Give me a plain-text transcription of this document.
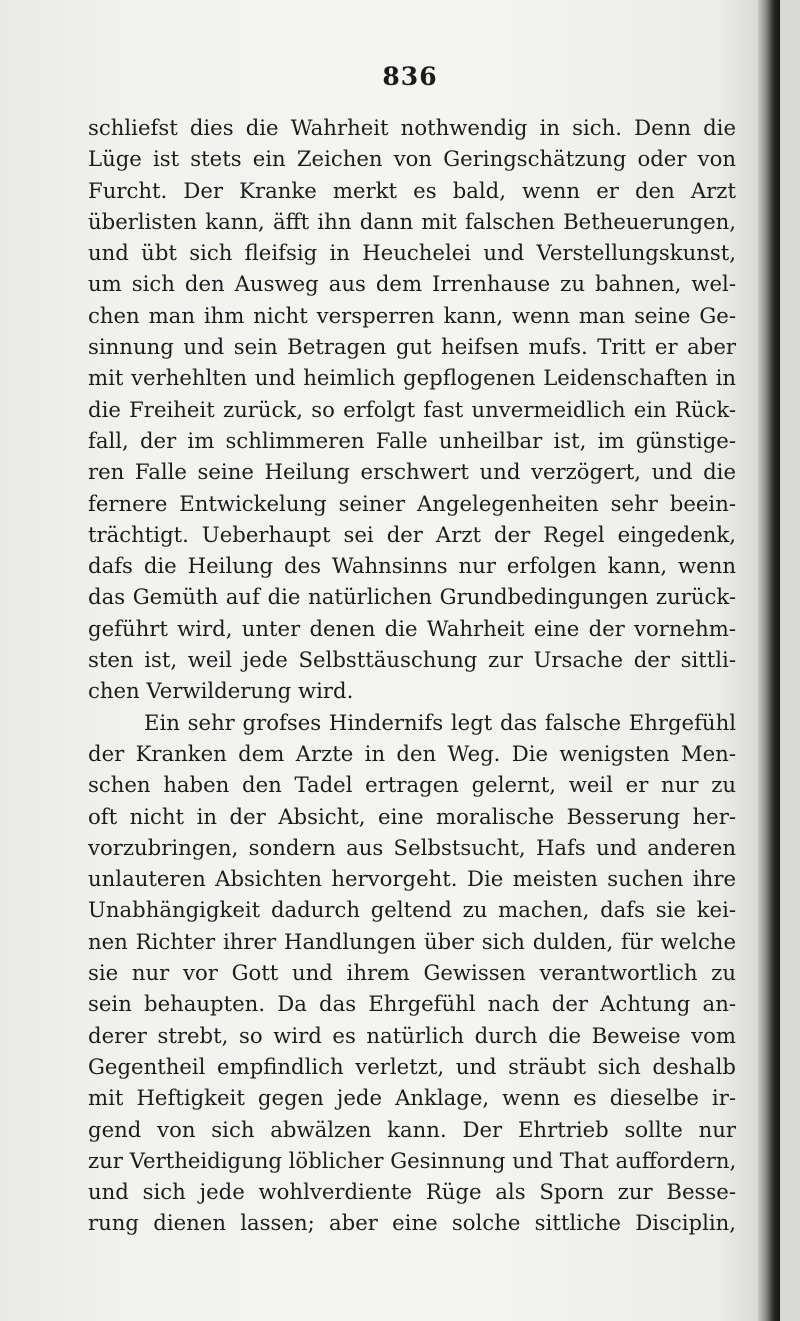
836
schliefst dies die Wahrheit nothwendig in sich. Denn die
Lüge ist stets ein Zeichen von Geringschätzung oder von
Furcht. Der Kranke merkt es bald, wenn er den Arzt
überlisten kann, äfft ihn dann mit falschen Betheuerungen,
und übt sich fleifsig in Heuchelei und Verstellungskunst,
um sich den Ausweg aus dem Irrenhause zu bahnen, wel-
chen man ihm nicht versperren kann, wenn man seine Ge-
sinnung und sein Betragen gut heifsen mufs. Tritt er aber
mit verhehlten und heimlich gepflogenen Leidenschaften in
die Freiheit zurück, so erfolgt fast unvermeidlich ein Rück-
fall, der im schlimmeren Falle unheilbar ist, im günstige-
ren Falle seine Heilung erschwert und verzögert, und die
fernere Entwickelung seiner Angelegenheiten sehr beein-
trächtigt. Ueberhaupt sei der Arzt der Regel eingedenk,
dafs die Heilung des Wahnsinns nur erfolgen kann, wenn
das Gemüth auf die natürlichen Grundbedingungen zurück-
geführt wird, unter denen die Wahrheit eine der vornehm-
sten ist, weil jede Selbsttäuschung zur Ursache der sittli-
chen Verwilderung wird.
Ein sehr grofses Hindernifs legt das falsche Ehrgefühl
der Kranken dem Arzte in den Weg. Die wenigsten Men-
schen haben den Tadel ertragen gelernt, weil er nur zu
oft nicht in der Absicht, eine moralische Besserung her-
vorzubringen, sondern aus Selbstsucht, Hafs und anderen
unlauteren Absichten hervorgeht. Die meisten suchen ihre
Unabhängigkeit dadurch geltend zu machen, dafs sie kei-
nen Richter ihrer Handlungen über sich dulden, für welche
sie nur vor Gott und ihrem Gewissen verantwortlich zu
sein behaupten. Da das Ehrgefühl nach der Achtung an-
derer strebt, so wird es natürlich durch die Beweise vom
Gegentheil empfindlich verletzt, und sträubt sich deshalb
mit Heftigkeit gegen jede Anklage, wenn es dieselbe ir-
gend von sich abwälzen kann. Der Ehrtrieb sollte nur
zur Vertheidigung löblicher Gesinnung und That auffordern,
und sich jede wohlverdiente Rüge als Sporn zur Besse-
rung dienen lassen; aber eine solche sittliche Disciplin,
